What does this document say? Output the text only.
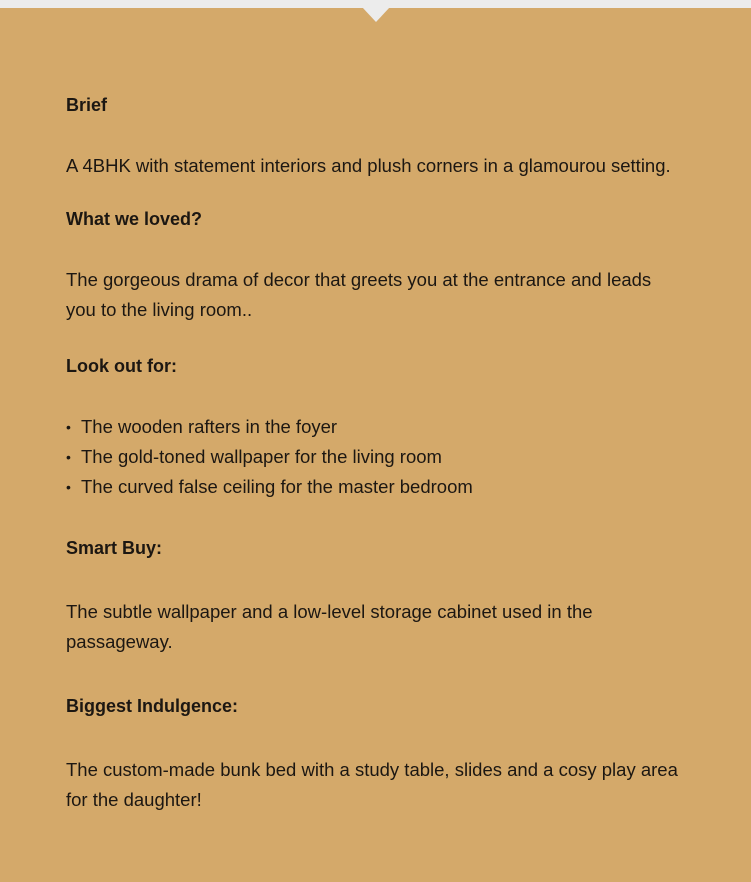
Brief

A 4BHK with statement interiors and plush corners in a glamourou setting.

What we loved?

The gorgeous drama of decor that greets you at the entrance and leads you to the living room..

Look out for:
• The wooden rafters in the foyer
• The gold-toned wallpaper for the living room
• The curved false ceiling for the master bedroom
Smart Buy:

The subtle wallpaper and a low-level storage cabinet used in the passageway.

Biggest Indulgence:

The custom-made bunk bed with a study table, slides and a cosy play area for the daughter!
